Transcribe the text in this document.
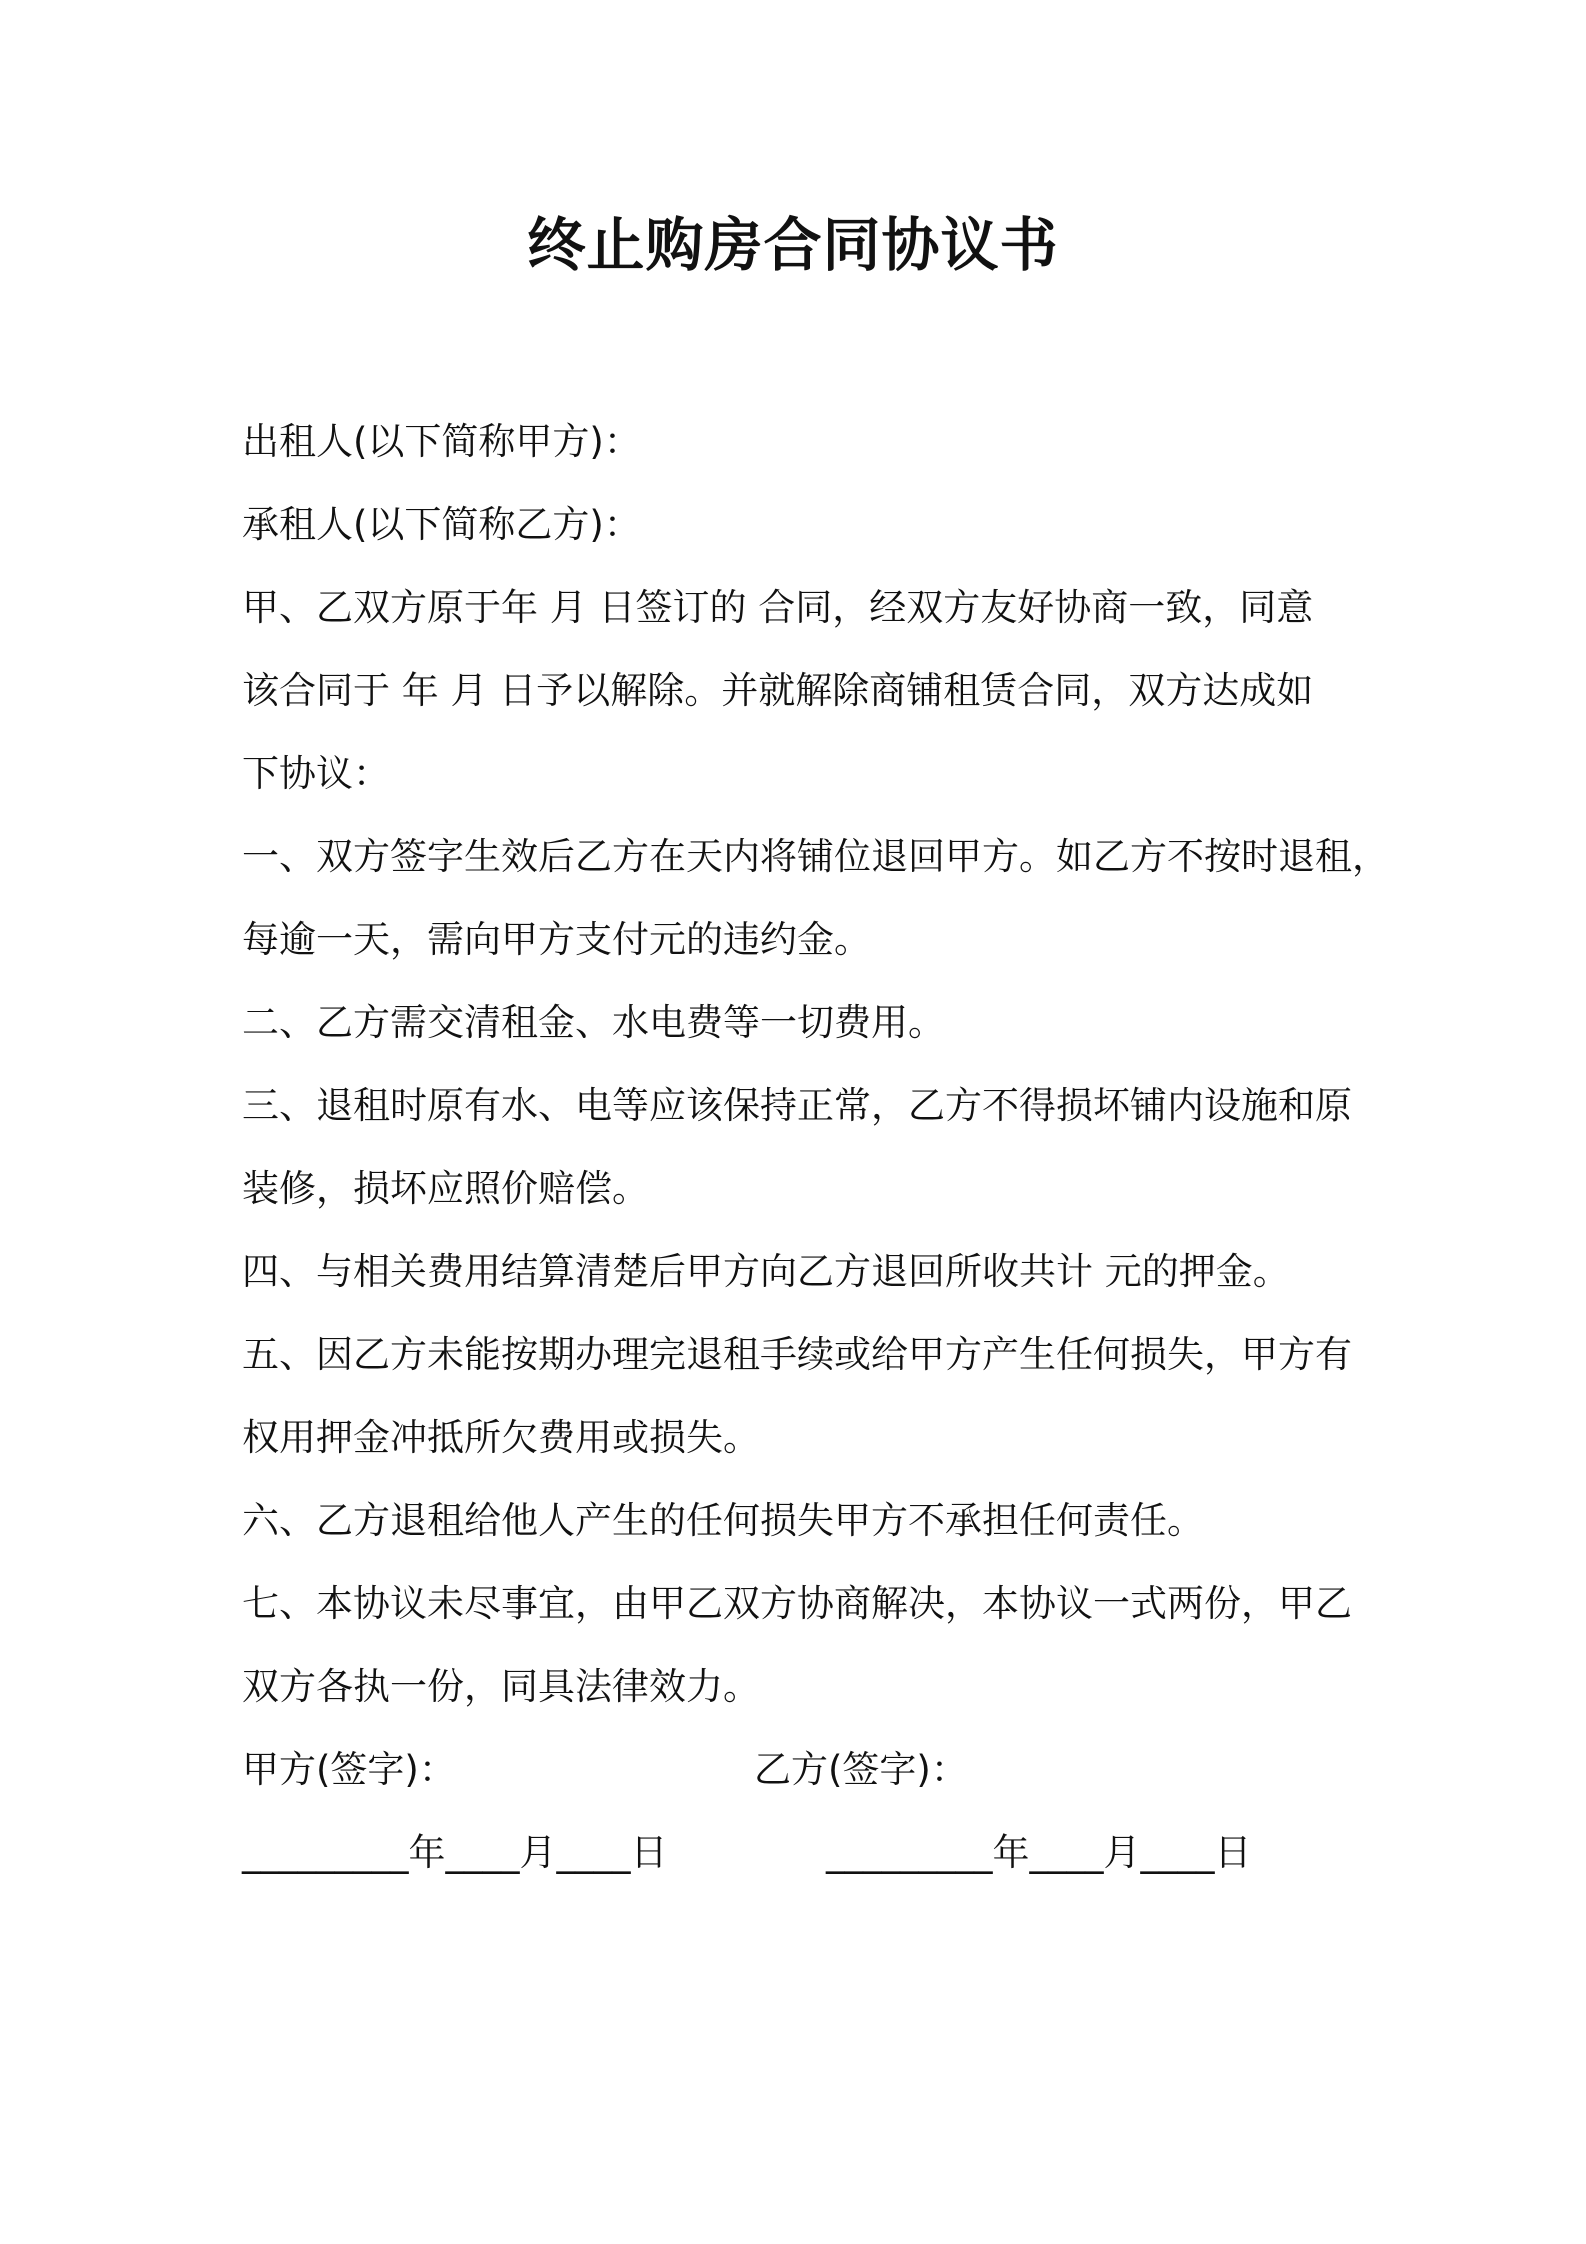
终止购房合同协议书
出租人(以下简称甲方)：
承租人(以下简称乙方)：
甲、乙双方原于年 月 日签订的 合同，经双方友好协商一致，同意
该合同于 年 月 日予以解除。并就解除商铺租赁合同，双方达成如
下协议：
一、双方签字生效后乙方在天内将铺位退回甲方。如乙方不按时退租，
每逾一天，需向甲方支付元的违约金。
二、乙方需交清租金、水电费等一切费用。
三、退租时原有水、电等应该保持正常，乙方不得损坏铺内设施和原
装修，损坏应照价赔偿。
四、与相关费用结算清楚后甲方向乙方退回所收共计 元的押金。
五、因乙方未能按期办理完退租手续或给甲方产生任何损失，甲方有
权用押金冲抵所欠费用或损失。
六、乙方退租给他人产生的任何损失甲方不承担任何责任。
七、本协议未尽事宜，由甲乙双方协商解决，本协议一式两份，甲乙
双方各执一份，同具法律效力。
甲方(签字)：	乙方(签字)：
_________年____月____日	_________年____月____日
